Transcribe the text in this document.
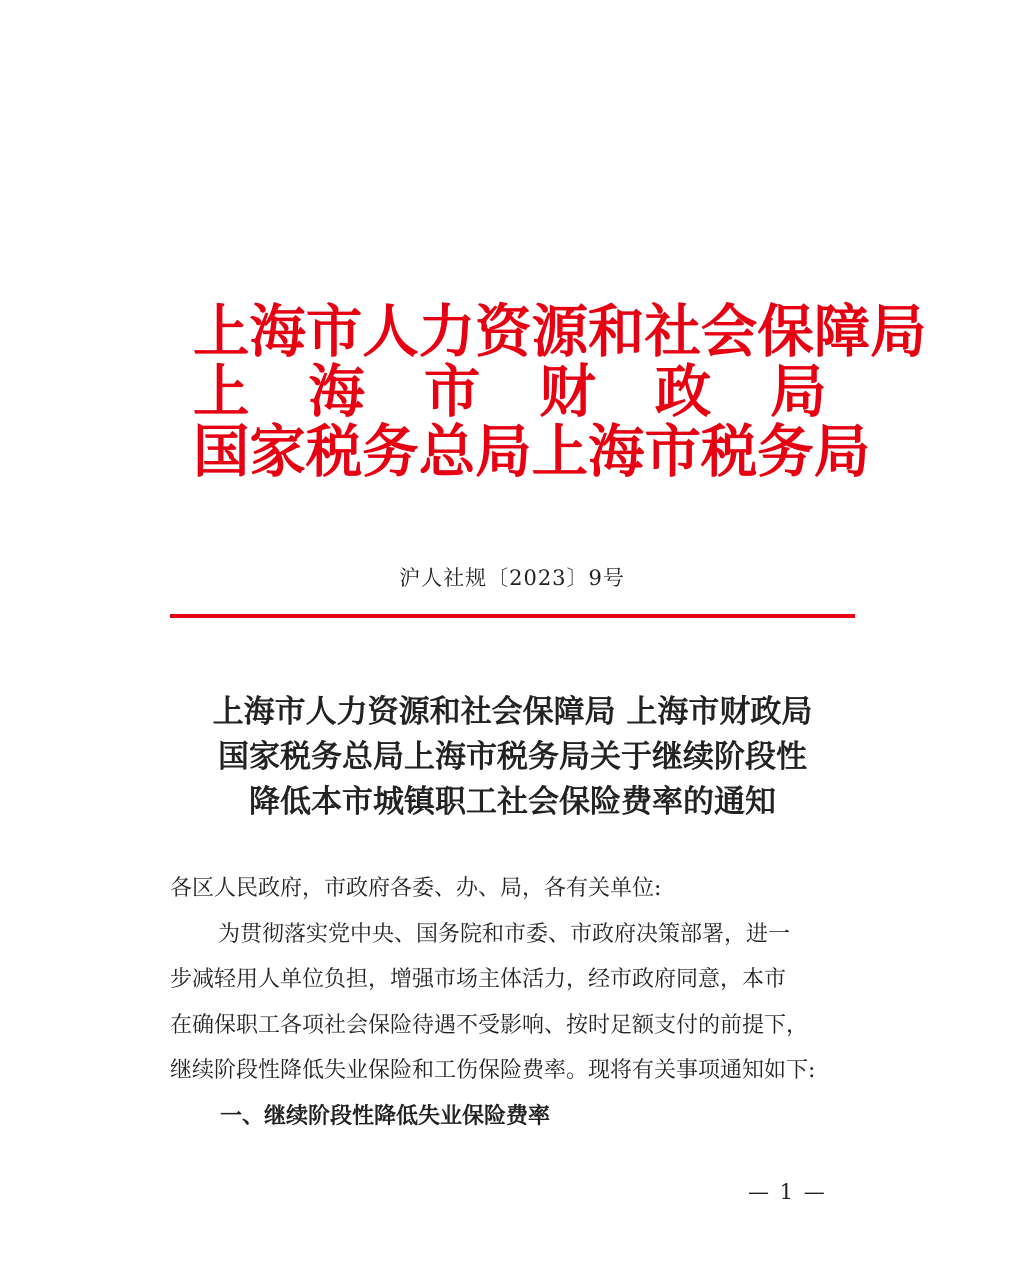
上 海 市 人 力 资 源 和 社 会 保 障 局
上 海 市 财 政 局
国 家 税 务 总 局 上 海 市 税 务 局
沪人社规〔2023〕9号
上海市人力资源和社会保障局 上海市财政局
国家税务总局上海市税务局关于继续阶段性
降低本市城镇职工社会保险费率的通知
各区人民政府，市政府各委、办、局，各有关单位:
为贯彻落实党中央、国务院和市委、市政府决策部署，进一
步减轻用人单位负担，增强市场主体活力，经市政府同意，本市
在确保职工各项社会保险待遇不受影响、按时足额支付的前提下，
继续阶段性降低失业保险和工伤保险费率。现将有关事项通知如下:
一、继续阶段性降低失业保险费率
— 1 —
